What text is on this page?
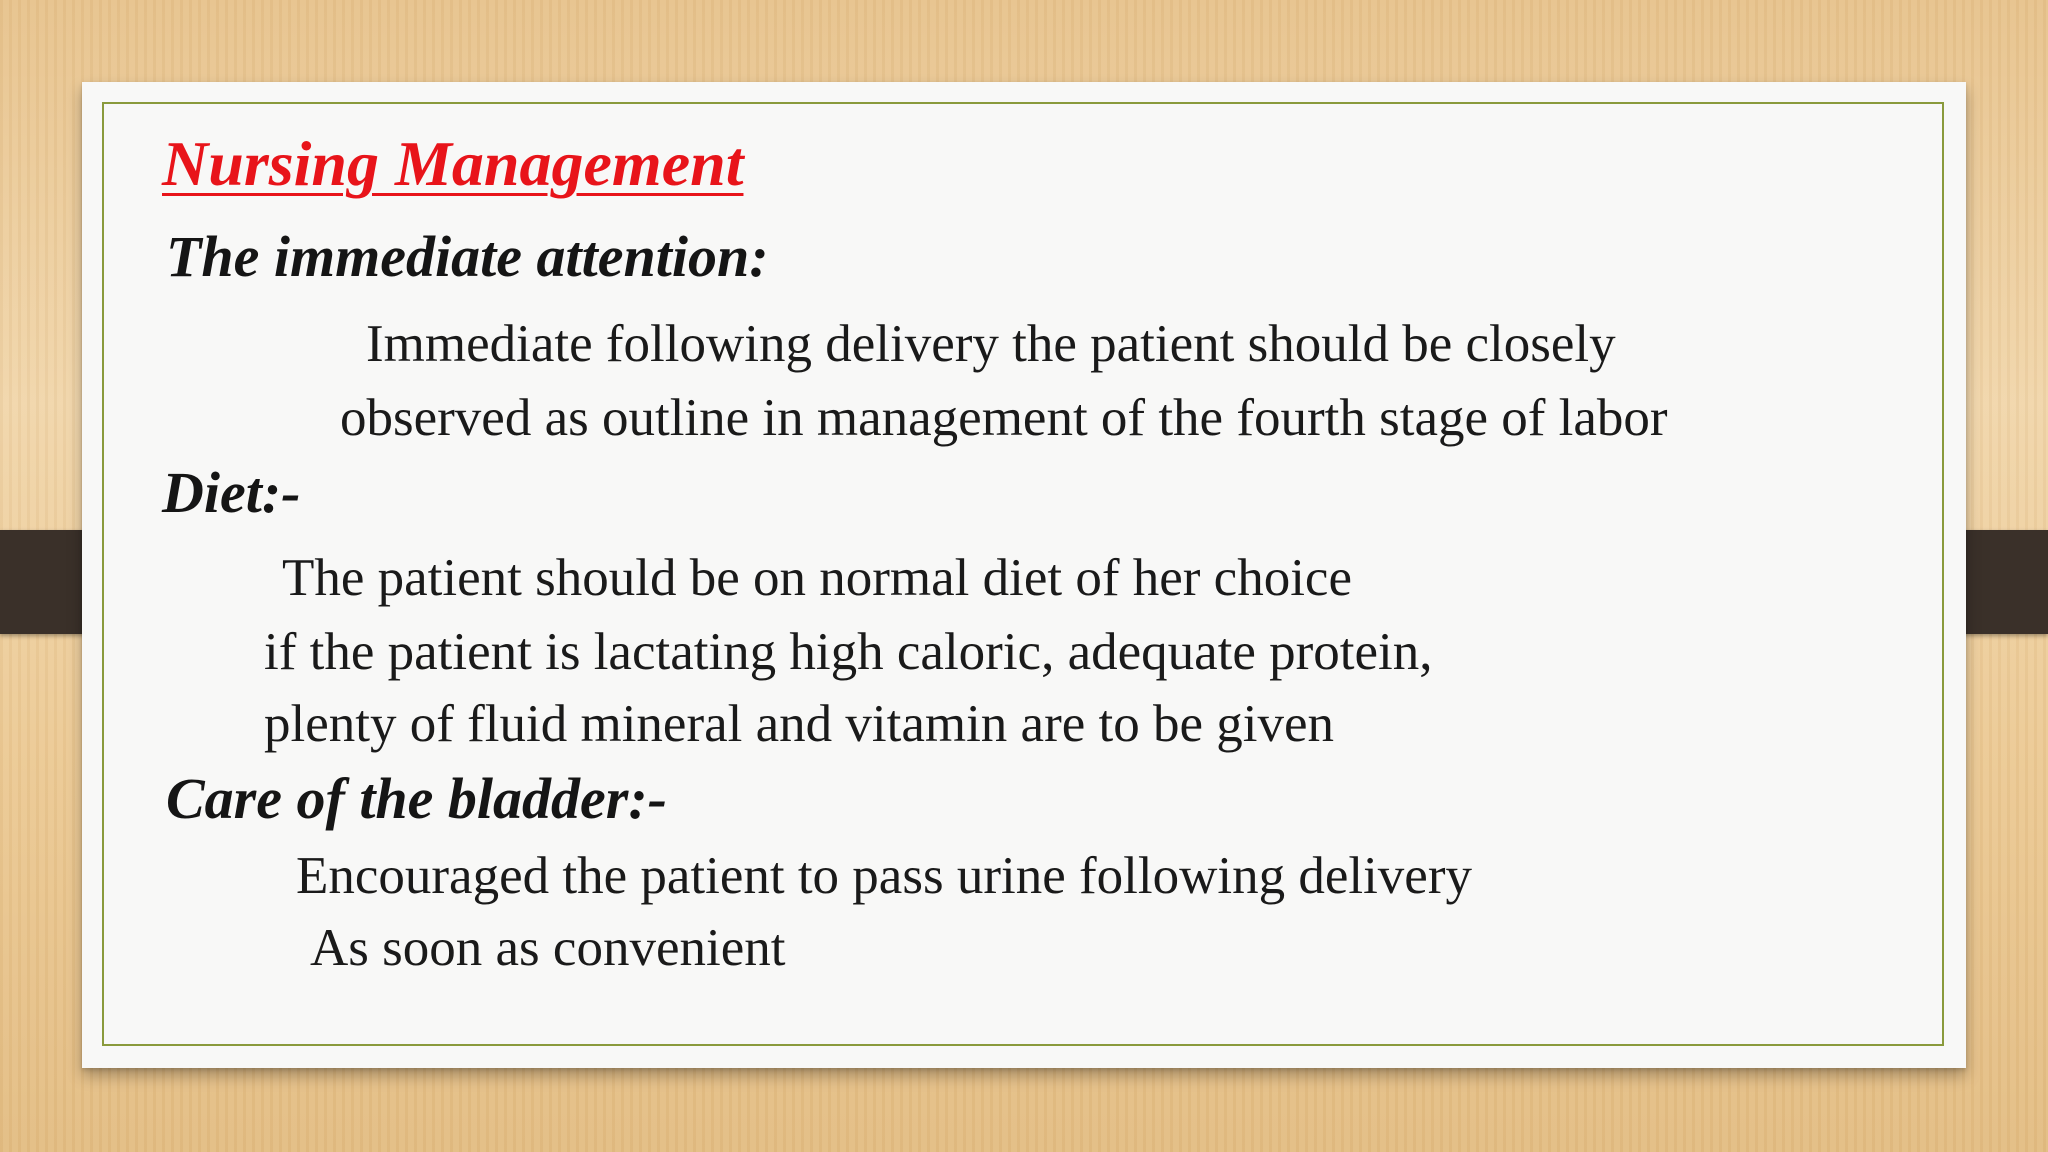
Nursing Management
The immediate attention:
Immediate following delivery the patient should be closely
observed as outline in management of the fourth stage of labor
Diet:-
The patient should be on normal diet of her choice
if the patient is lactating high caloric, adequate protein,
plenty of fluid mineral and vitamin are to be given
Care of the bladder:-
Encouraged the patient to pass urine following delivery
As soon as convenient
